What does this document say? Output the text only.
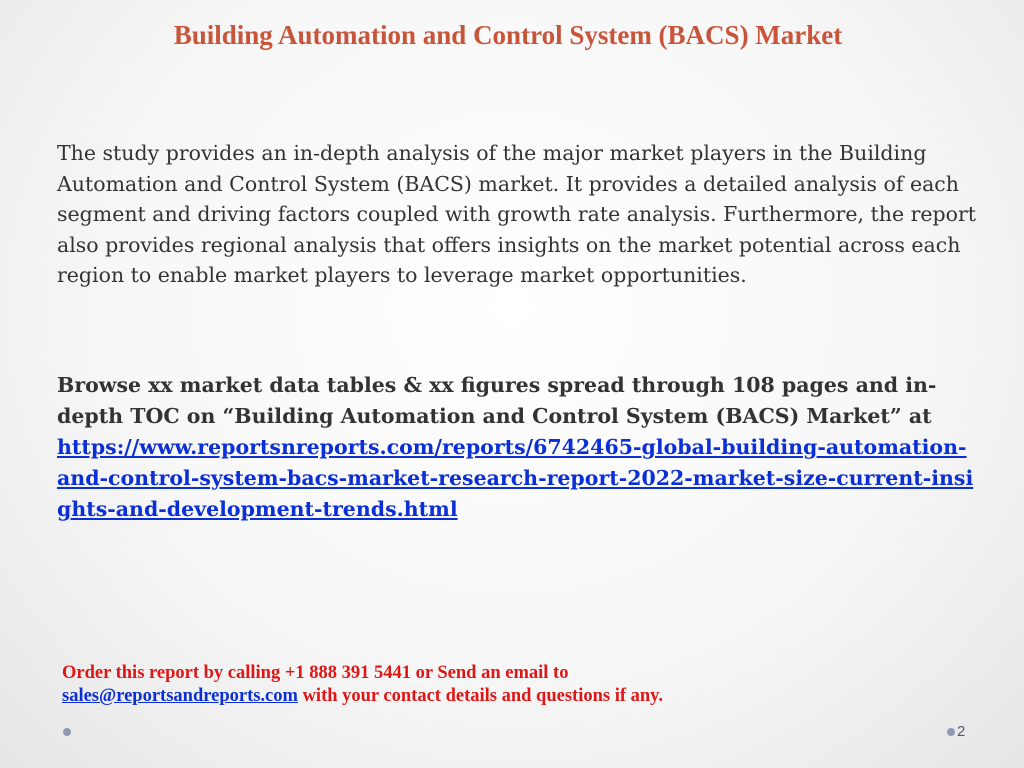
Building Automation and Control System (BACS) Market

The study provides an in-depth analysis of the major market players in the Building Automation and Control System (BACS) market. It provides a detailed analysis of each segment and driving factors coupled with growth rate analysis. Furthermore, the report also provides regional analysis that offers insights on the market potential across each region to enable market players to leverage market opportunities.

Browse xx market data tables & xx figures spread through 108 pages and in-depth TOC on “Building Automation and Control System (BACS) Market” at
https://www.reportsnreports.com/reports/6742465-global-building-automation-and-control-system-bacs-market-research-report-2022-market-size-current-insights-and-development-trends.html

Order this report by calling +1 888 391 5441 or Send an email to
sales@reportsandreports.com with your contact details and questions if any.

2
